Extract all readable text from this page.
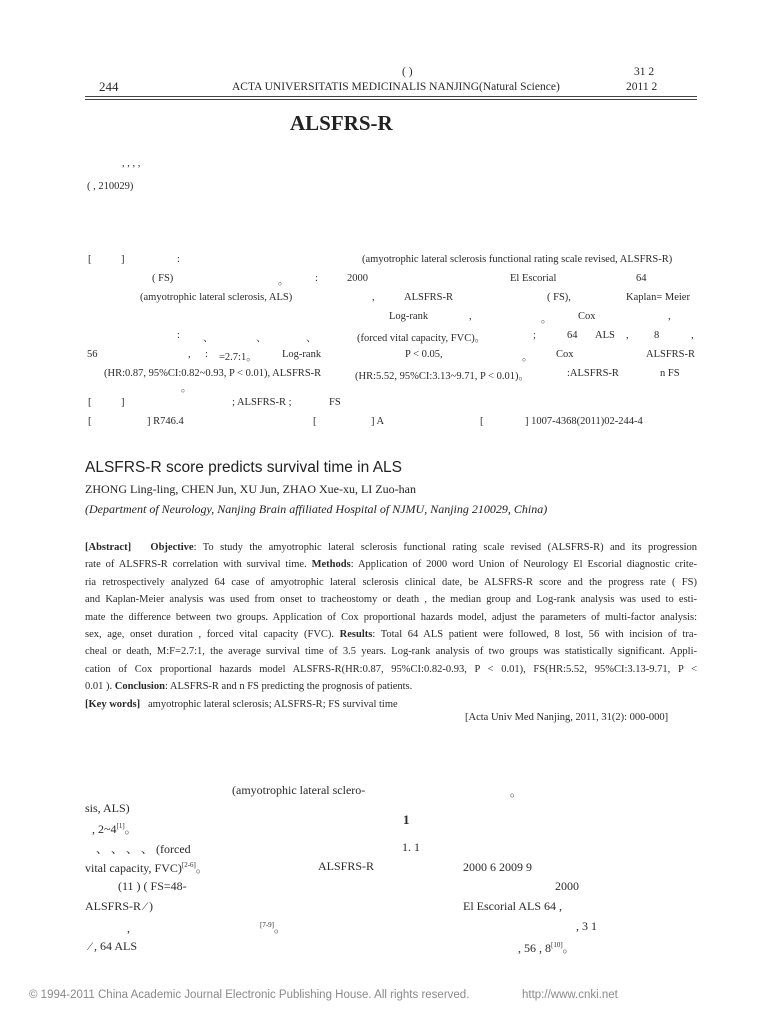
( )	31 2
244	ACTA UNIVERSITATIS MEDICINALIS NANJING(Natural Science)	2011 2
ALSFRS-R
, , , ,
( , 210029)
[	]	:	(amyotrophic lateral sclerosis functional rating scale revised, ALSFRS-R)
( FS)	。	:	2000	El Escorial	64
(amyotrophic lateral sclerosis, ALS)	,	ALSFRS-R	( FS),	Kaplan= Meier
Log-rank	,	。	Cox	,
: 、	、	、	(forced vital capacity, FVC)。	;	64 ALS , 8	,
56	, : =2.7:1。 Log-rank	P < 0.05,	。 Cox	ALSFRS-R
(HR:0.87, 95%CI:0.82~0.93, P < 0.01), ALSFRS-R	(HR:5.52, 95%CI:3.13~9.71, P < 0.01)。	:ALSFRS-R	n FS
。
[	]	; ALSFRS-R ;	FS
[	] R746.4	[	] A	[	] 1007-4368(2011)02-244-4
ALSFRS-R score predicts survival time in ALS
ZHONG Ling-ling, CHEN Jun, XU Jun, ZHAO Xue-xu, LI Zuo-han
(Department of Neurology, Nanjing Brain affiliated Hospital of NJMU, Nanjing 210029, China)
[Abstract] Objective: To study the amyotrophic lateral sclerosis functional rating scale revised (ALSFRS-R) and its progression
rate of ALSFRS-R correlation with survival time. Methods: Application of 2000 word Union of Neurology El Escorial diagnostic crite-
ria retrospectively analyzed 64 case of amyotrophic lateral sclerosis clinical date, be ALSFRS-R score and the progress rate ( FS)
and Kaplan-Meier analysis was used from onset to tracheostomy or death , the median group and Log-rank analysis was used to esti-
mate the difference between two groups. Application of Cox proportional hazards model, adjust the parameters of multi-factor analysis:
sex, age, onset duration , forced vital capacity (FVC). Results: Total 64 ALS patient were followed, 8 lost, 56 with incision of tra-
cheal or death, M:F=2.7:1, the average survival time of 3.5 years. Log-rank analysis of two groups was statistically significant. Appli-
cation of Cox proportional hazards model ALSFRS-R(HR:0.87, 95%CI:0.82-0.93, P < 0.01), FS(HR:5.52, 95%CI:3.13-9.71, P <
0.01 ). Conclusion: ALSFRS-R and n FS predicting the prognosis of patients.
[Key words] amyotrophic lateral sclerosis; ALSFRS-R; FS survival time
[Acta Univ Med Nanjing, 2011, 31(2): 000-000]
(amyotrophic lateral sclero-
sis, ALS)
, 2~4[1]。
、 、 、 、 (forced
vital capacity, FVC)[2-6]。	ALSFRS-R
(11 ) ( FS=48-
ALSFRS-R ⁄ )
,	[7-9]。
⁄ , 64 ALS
。
1
1. 1
2000 6 2009 9
2000
El Escorial ALS 64 ,
, 3 1
, 56 , 8[10]。
© 1994-2011 China Academic Journal Electronic Publishing House. All rights reserved.	http://www.cnki.net
